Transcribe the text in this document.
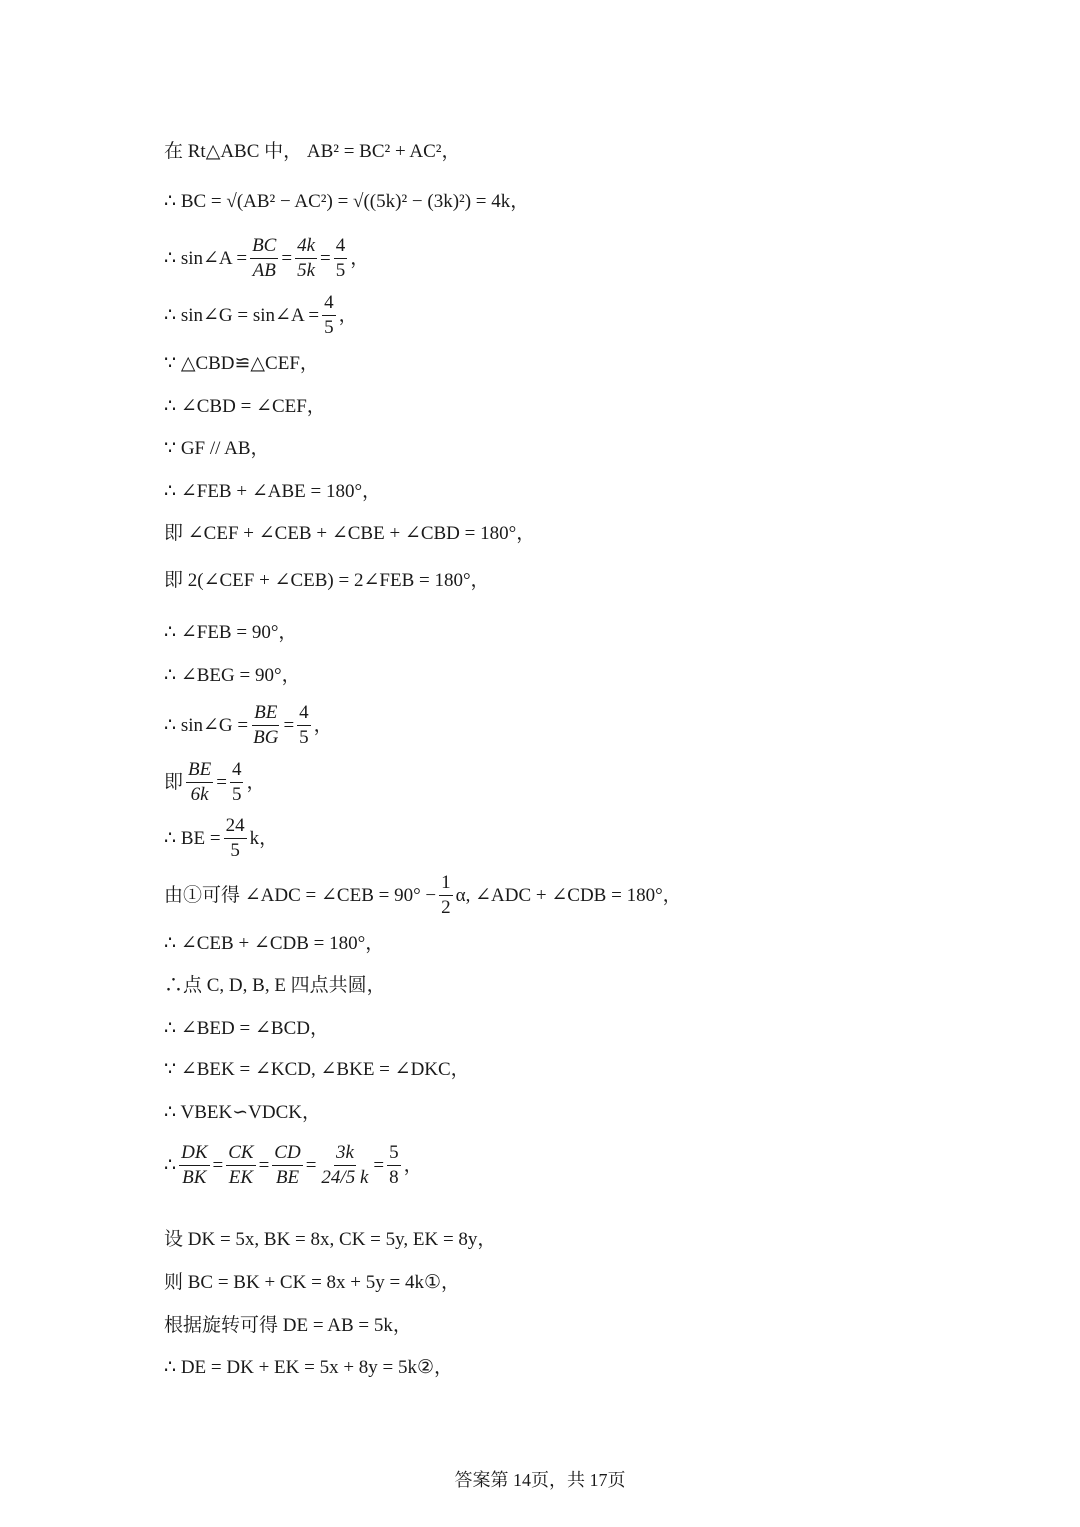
在 Rt△ABC 中， AB² = BC² + AC²，
∴ BC = √(AB² − AC²) = √((5k)² − (3k)²) = 4k，
∴ sin∠A = $\frac{BC}{AB} = \frac{4k}{5k} = \frac{4}{5}$ ，
∴ sin∠G = sin∠A = $\frac{4}{5}$ ，
∵ △CBD≌△CEF，
∴ ∠CBD = ∠CEF，
∵ GF // AB，
∴ ∠FEB + ∠ABE = 180°，
即 ∠CEF + ∠CEB + ∠CBE + ∠CBD = 180°，
即 2(∠CEF + ∠CEB) = 2∠FEB = 180°，
∴ ∠FEB = 90°，
∴ ∠BEG = 90°，
∴ sin∠G = $\frac{BE}{BG} = \frac{4}{5}$ ，
即 $\frac{BE}{6k} = \frac{4}{5}$ ，
∴ BE = $\frac{24}{5}$ k，
由①可得 ∠ADC = ∠CEB = $90^\circ - \frac{1}{2} \alpha$, ∠ADC + ∠CDB = 180°，
∴ ∠CEB + ∠CDB = 180°，
∴点 C, D, B, E 四点共圆，
∴ ∠BED = ∠BCD，
∵ ∠BEK = ∠KCD, ∠BKE = ∠DKC，
∴ VBEK∽VDCK，
∴ $\frac{DK}{BK} = \frac{CK}{EK} = \frac{CD}{BE} = \frac{3k}{24/5 k} = \frac{5}{8}$ ，
设 DK = 5x, BK = 8x, CK = 5y, EK = 8y，
则 BC = BK + CK = 8x + 5y = 4k①，
根据旋转可得 DE = AB = 5k，
∴ DE = DK + EK = 5x + 8y = 5k②，
答案第 14页，共 17页
